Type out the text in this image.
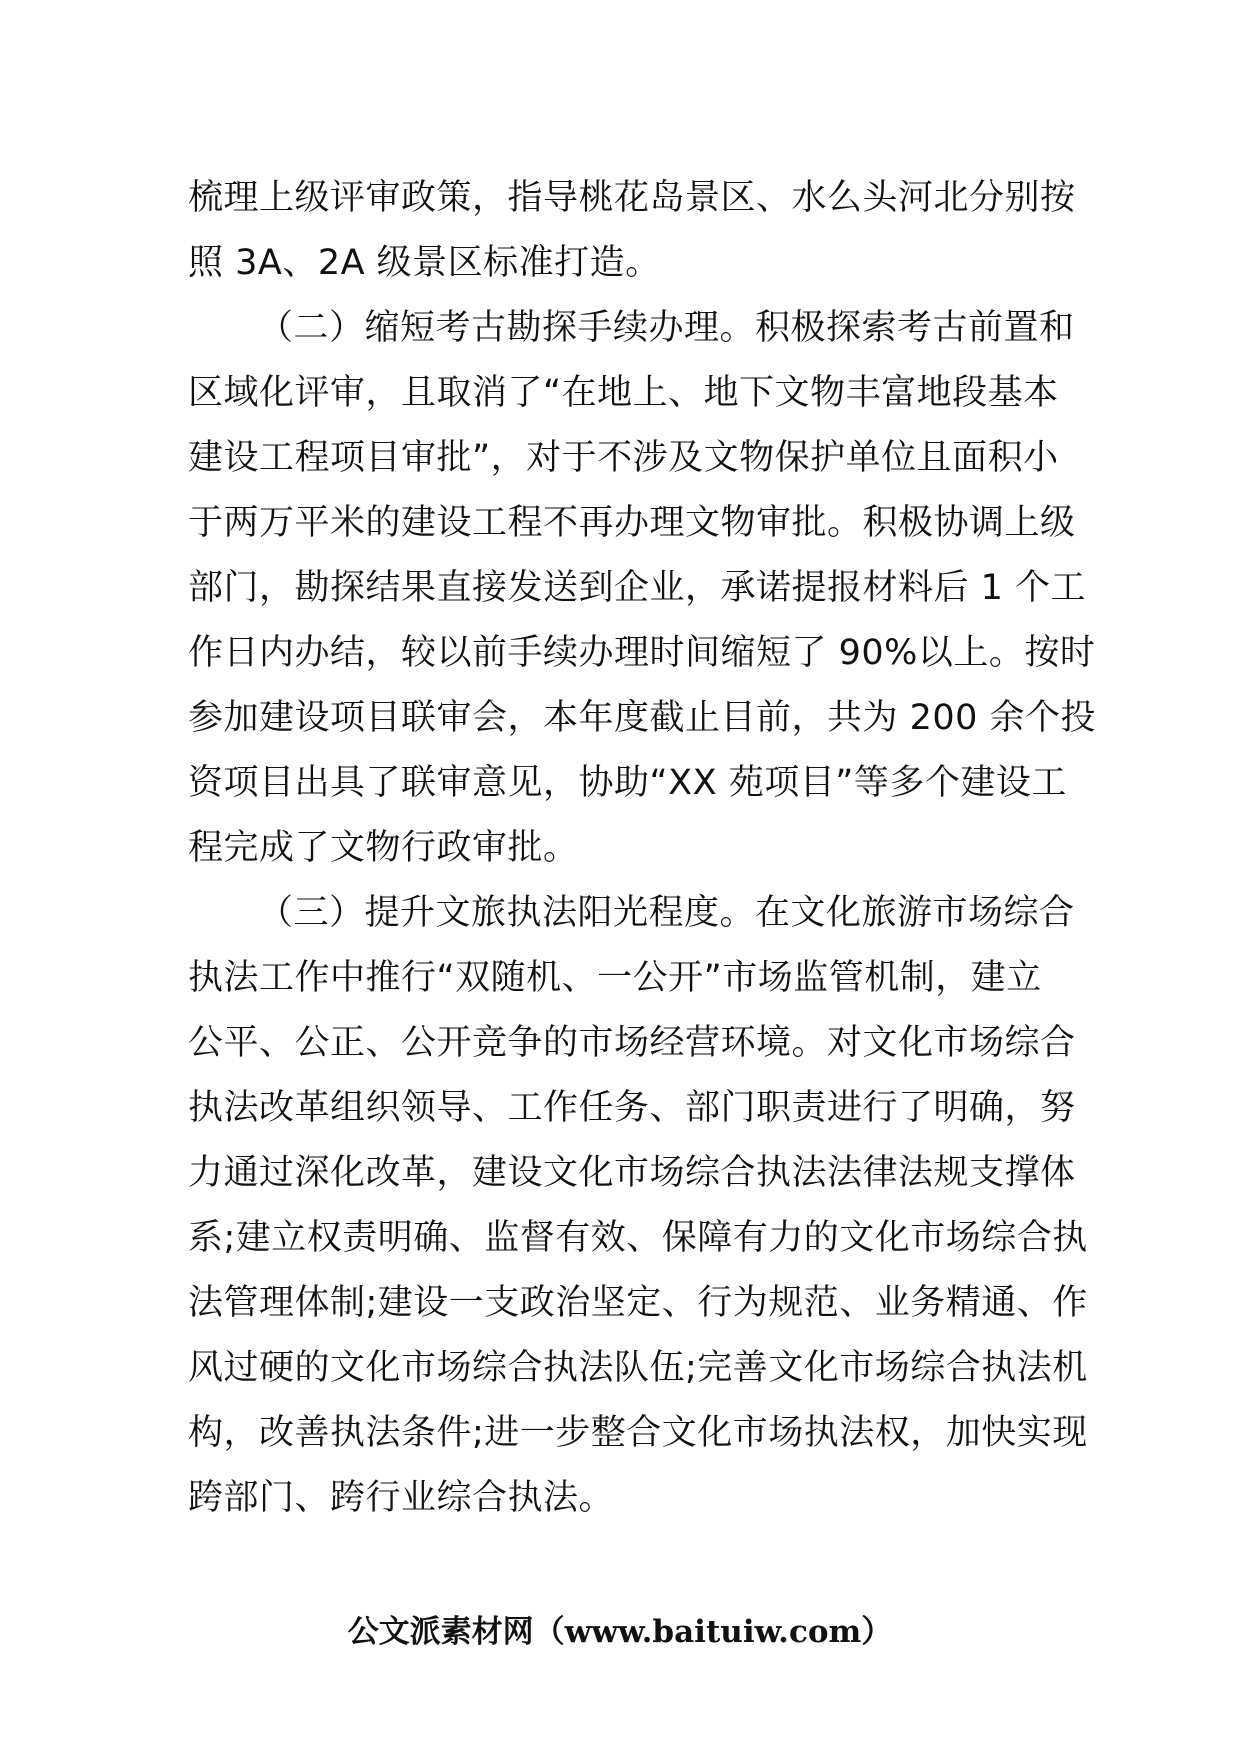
梳理上级评审政策，指导桃花岛景区、水么头河北分别按
照 3A、2A 级景区标准打造。
（二）缩短考古勘探手续办理。积极探索考古前置和
区域化评审，且取消了“在地上、地下文物丰富地段基本
建设工程项目审批”，对于不涉及文物保护单位且面积小
于两万平米的建设工程不再办理文物审批。积极协调上级
部门，勘探结果直接发送到企业，承诺提报材料后 1 个工
作日内办结，较以前手续办理时间缩短了 90%以上。按时
参加建设项目联审会，本年度截止目前，共为 200 余个投
资项目出具了联审意见，协助“XX 苑项目”等多个建设工
程完成了文物行政审批。
（三）提升文旅执法阳光程度。在文化旅游市场综合
执法工作中推行“双随机、一公开”市场监管机制，建立
公平、公正、公开竞争的市场经营环境。对文化市场综合
执法改革组织领导、工作任务、部门职责进行了明确，努
力通过深化改革，建设文化市场综合执法法律法规支撑体
系;建立权责明确、监督有效、保障有力的文化市场综合执
法管理体制;建设一支政治坚定、行为规范、业务精通、作
风过硬的文化市场综合执法队伍;完善文化市场综合执法机
构，改善执法条件;进一步整合文化市场执法权，加快实现
跨部门、跨行业综合执法。
公文派素材网（www.baituiw.com）
